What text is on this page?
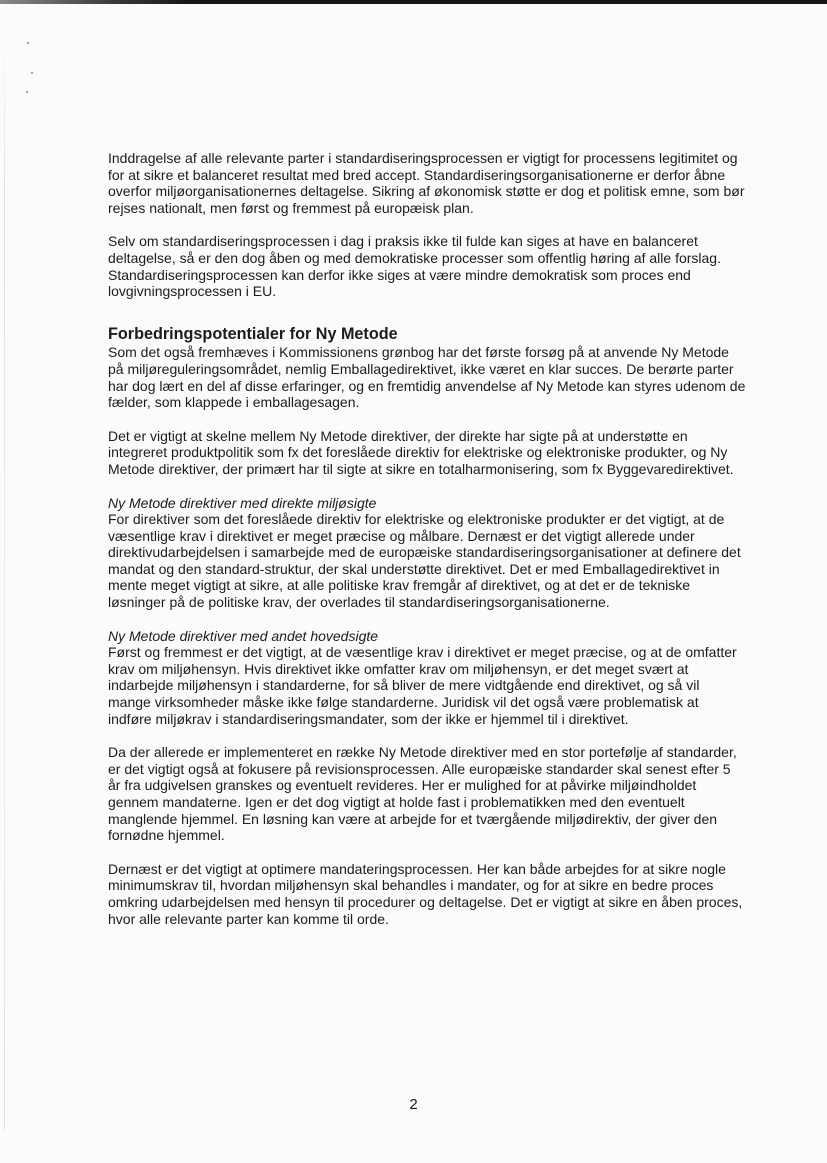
Inddragelse af alle relevante parter i standardiseringsprocessen er vigtigt for processens legitimitet og for at sikre et balanceret resultat med bred accept. Standardiseringsorganisationerne er derfor åbne overfor miljøorganisationernes deltagelse. Sikring af økonomisk støtte er dog et politisk emne, som bør rejses nationalt, men først og fremmest på europæisk plan.

Selv om standardiseringsprocessen i dag i praksis ikke til fulde kan siges at have en balanceret deltagelse, så er den dog åben og med demokratiske processer som offentlig høring af alle forslag. Standardiseringsprocessen kan derfor ikke siges at være mindre demokratisk som proces end lovgivningsprocessen i EU.

Forbedringspotentialer for Ny Metode

Som det også fremhæves i Kommissionens grønbog har det første forsøg på at anvende Ny Metode på miljøreguleringsområdet, nemlig Emballagedirektivet, ikke været en klar succes. De berørte parter har dog lært en del af disse erfaringer, og en fremtidig anvendelse af Ny Metode kan styres udenom de fælder, som klappede i emballagesagen.

Det er vigtigt at skelne mellem Ny Metode direktiver, der direkte har sigte på at understøtte en integreret produktpolitik som fx det foreslåede direktiv for elektriske og elektroniske produkter, og Ny Metode direktiver, der primært har til sigte at sikre en totalharmonisering, som fx Byggevaredirektivet.

Ny Metode direktiver med direkte miljøsigte
For direktiver som det foreslåede direktiv for elektriske og elektroniske produkter er det vigtigt, at de væsentlige krav i direktivet er meget præcise og målbare. Dernæst er det vigtigt allerede under direktivudarbejdelsen i samarbejde med de europæiske standardiseringsorganisationer at definere det mandat og den standard-struktur, der skal understøtte direktivet. Det er med Emballagedirektivet in mente meget vigtigt at sikre, at alle politiske krav fremgår af direktivet, og at det er de tekniske løsninger på de politiske krav, der overlades til standardiseringsorganisationerne.

Ny Metode direktiver med andet hovedsigte
Først og fremmest er det vigtigt, at de væsentlige krav i direktivet er meget præcise, og at de omfatter krav om miljøhensyn. Hvis direktivet ikke omfatter krav om miljøhensyn, er det meget svært at indarbejde miljøhensyn i standarderne, for så bliver de mere vidtgående end direktivet, og så vil mange virksomheder måske ikke følge standarderne. Juridisk vil det også være problematisk at indføre miljøkrav i standardiseringsmandater, som der ikke er hjemmel til i direktivet.

Da der allerede er implementeret en række Ny Metode direktiver med en stor portefølje af standarder, er det vigtigt også at fokusere på revisionsprocessen. Alle europæiske standarder skal senest efter 5 år fra udgivelsen granskes og eventuelt revideres. Her er mulighed for at påvirke miljøindholdet gennem mandaterne. Igen er det dog vigtigt at holde fast i problematikken med den eventuelt manglende hjemmel. En løsning kan være at arbejde for et tværgående miljødirektiv, der giver den fornødne hjemmel.

Dernæst er det vigtigt at optimere mandateringsprocessen. Her kan både arbejdes for at sikre nogle minimumskrav til, hvordan miljøhensyn skal behandles i mandater, og for at sikre en bedre proces omkring udarbejdelsen med hensyn til procedurer og deltagelse. Det er vigtigt at sikre en åben proces, hvor alle relevante parter kan komme til orde.

2
